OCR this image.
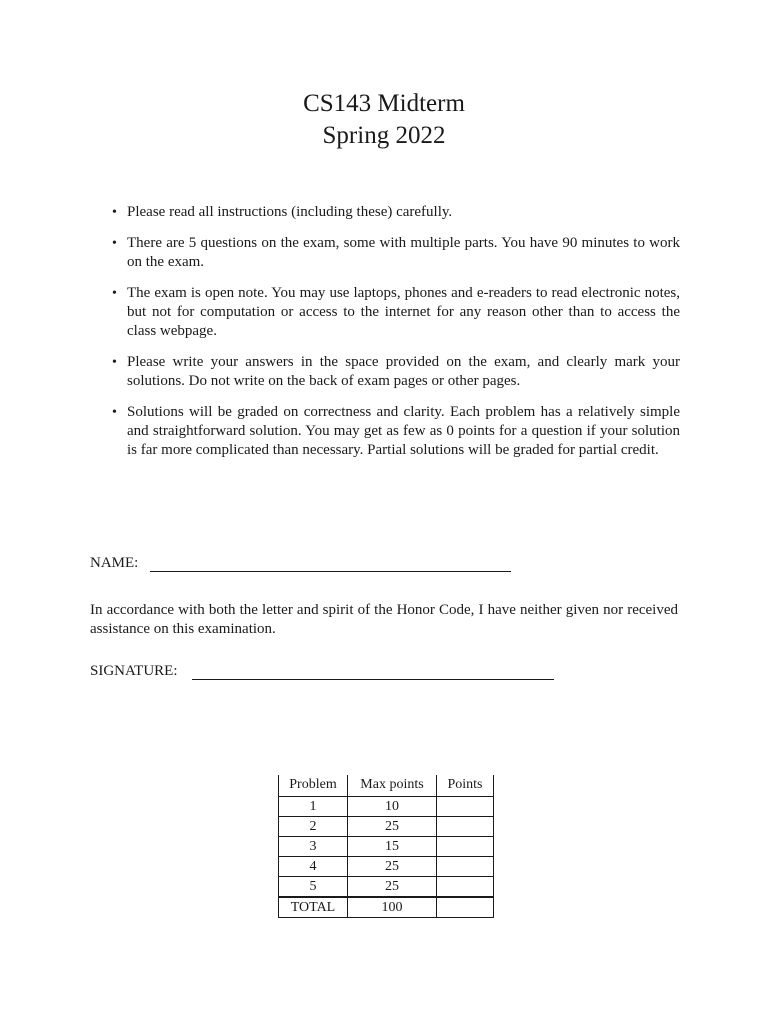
CS143 Midterm
Spring 2022
• Please read all instructions (including these) carefully.
• There are 5 questions on the exam, some with multiple parts. You have 90 minutes to work on the exam.
• The exam is open note. You may use laptops, phones and e-readers to read electronic notes, but not for computation or access to the internet for any reason other than to access the class webpage.
• Please write your answers in the space provided on the exam, and clearly mark your solutions. Do not write on the back of exam pages or other pages.
• Solutions will be graded on correctness and clarity. Each problem has a relatively simple and straightforward solution. You may get as few as 0 points for a question if your solution is far more complicated than necessary. Partial solutions will be graded for partial credit.
NAME:
In accordance with both the letter and spirit of the Honor Code, I have neither given nor received assistance on this examination.
SIGNATURE:
Problem	Max points	Points
1	10	
2	25	
3	15	
4	25	
5	25	
TOTAL	100	
